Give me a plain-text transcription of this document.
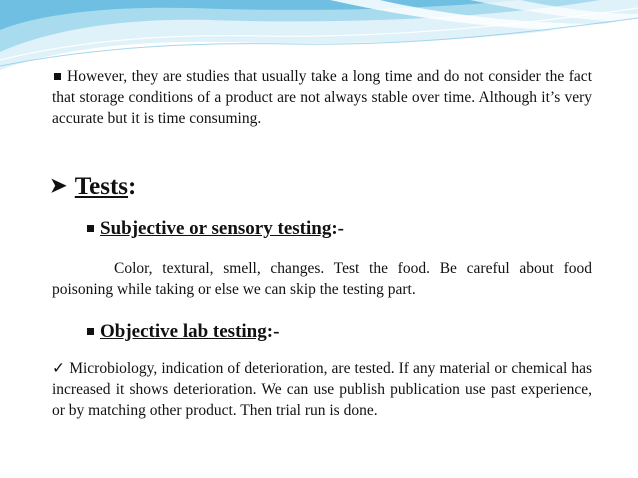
However, they are studies that usually take a long time and do not consider the fact that storage conditions of a product are not always stable over time. Although it’s very accurate but it is time consuming.

➤ Tests:
Subjective or sensory testing:-

Color, textural, smell, changes. Test the food. Be careful about food poisoning while taking or else we can skip the testing part.

Objective lab testing:-

✓ Microbiology, indication of deterioration, are tested. If any material or chemical has increased it shows deterioration. We can use publish publication use past experience, or by matching other product. Then trial run is done.
